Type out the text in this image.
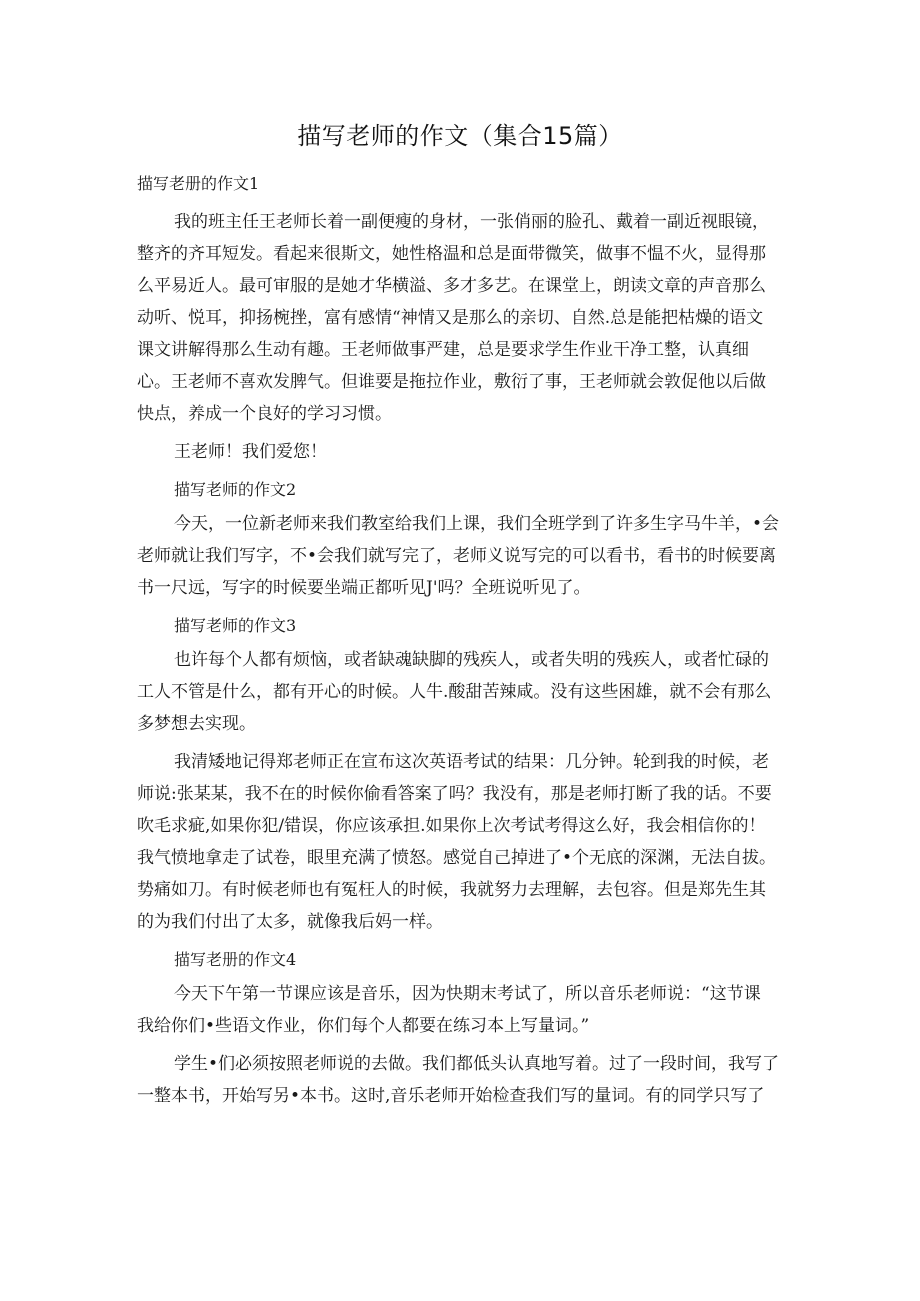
描写老师的作文（集合15篇）
描写老册的作文1
我的班主任王老师长着一副便瘦的身材，一张俏丽的脸孔、戴着一副近视眼镜，
整齐的齐耳短发。看起来很斯文，她性格温和总是面带微笑，做事不愠不火，显得那
么平易近人。最可审服的是她才华横溢、多才多艺。在课堂上，朗读文章的声音那么
动听、悦耳，抑扬椀挫，富有感情“神情又是那么的亲切、自然.总是能把枯燥的语文
课文讲解得那么生动有趣。王老师做事严建，总是要求学生作业干净工整，认真细
心。王老师不喜欢发脾气。但谁要是拖拉作业，敷衍了事，王老师就会敦促他以后做
快点，养成一个良好的学习习惯。
王老师！我们爱您！
描写老师的作文2
今天，一位新老师来我们教室给我们上课，我们全班学到了许多生字马牛羊，•会
老师就让我们写字，不•会我们就写完了，老师义说写完的可以看书，看书的时候要离
书一尺远，写字的时候要坐端正都听见J'吗？全班说听见了。
描写老师的作文3
也许每个人都有烦恼，或者缺魂缺脚的残疾人，或者失明的残疾人，或者忙碌的
工人不管是什么，都有开心的时候。人牛.酸甜苦辣咸。没有这些困雄，就不会有那么
多梦想去实现。
我清矮地记得郑老师正在宣布这次英语考试的结果：几分钟。轮到我的时候，老
师说:张某某，我不在的时候你偷看答案了吗？我没有，那是老师打断了我的话。不要
吹毛求疵,如果你犯/错误，你应该承担.如果你上次考试考得这么好，我会相信你的！
我气愤地拿走了试卷，眼里充满了愤怒。感觉自己掉进了•个无底的深渊，无法自拔。
势痛如刀。有时候老师也有冤枉人的时候，我就努力去理解，去包容。但是郑先生其
的为我们付出了太多，就像我后妈一样。
描写老册的作文4
今天下午第一节课应该是音乐，因为快期末考试了，所以音乐老师说：“这节课
我给你们•些语文作业，你们每个人都要在练习本上写量词。”
学生•们必须按照老师说的去做。我们都低头认真地写着。过了一段时间，我写了
一整本书，开始写另•本书。这时,音乐老师开始检查我们写的量词。有的同学只写了
